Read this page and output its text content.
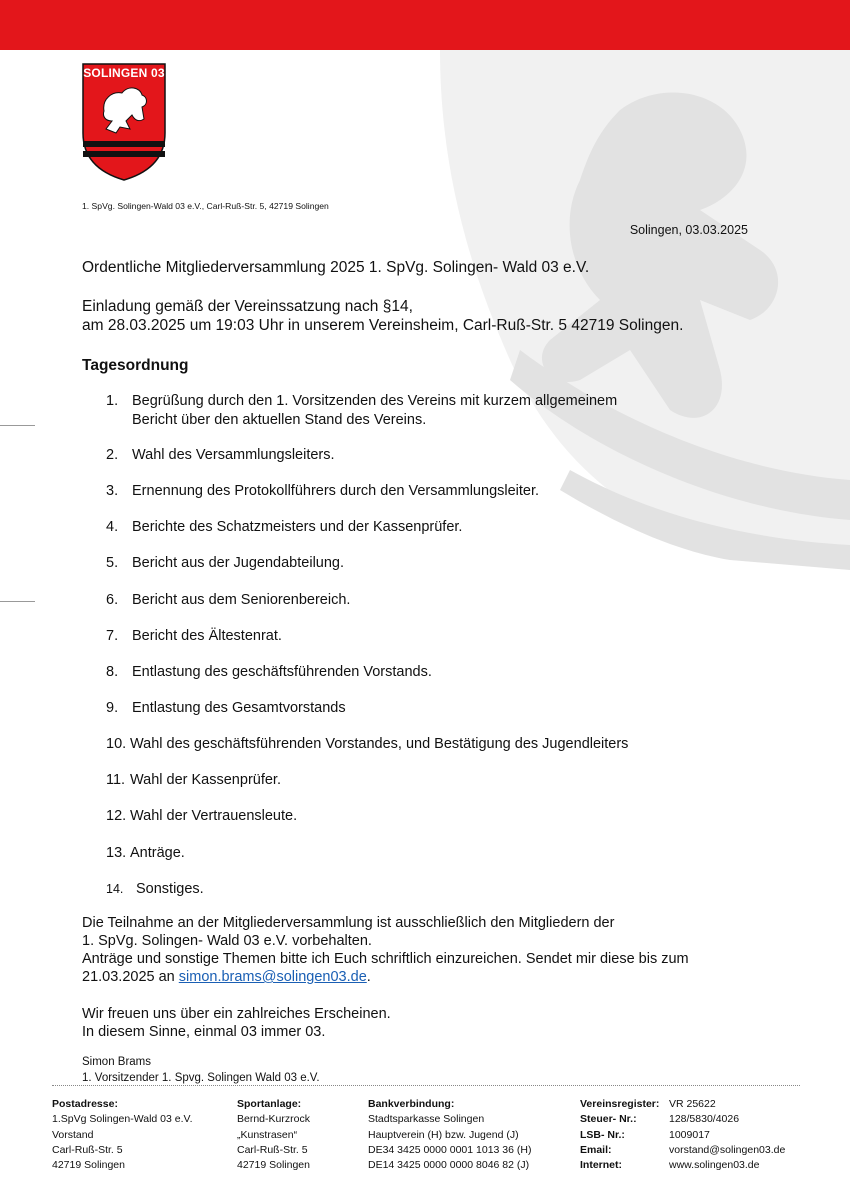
SOLINGEN 03
1. SpVg. Solingen-Wald 03 e.V., Carl-Ruß-Str. 5, 42719 Solingen
Solingen, 03.03.2025
Ordentliche Mitgliederversammlung 2025 1. SpVg. Solingen- Wald 03 e.V.
Einladung gemäß der Vereinssatzung nach §14,
am 28.03.2025 um 19:03 Uhr in unserem Vereinsheim, Carl-Ruß-Str. 5 42719 Solingen.
Tagesordnung
1. Begrüßung durch den 1. Vorsitzenden des Vereins mit kurzem allgemeinem
Bericht über den aktuellen Stand des Vereins.
2. Wahl des Versammlungsleiters.
3. Ernennung des Protokollführers durch den Versammlungsleiter.
4. Berichte des Schatzmeisters und der Kassenprüfer.
5. Bericht aus der Jugendabteilung.
6. Bericht aus dem Seniorenbereich.
7. Bericht des Ältestenrat.
8. Entlastung des geschäftsführenden Vorstands.
9. Entlastung des Gesamtvorstands
10. Wahl des geschäftsführenden Vorstandes, und Bestätigung des Jugendleiters
11. Wahl der Kassenprüfer.
12. Wahl der Vertrauensleute.
13. Anträge.
14. Sonstiges.
Die Teilnahme an der Mitgliederversammlung ist ausschließlich den Mitgliedern der
1. SpVg. Solingen- Wald 03 e.V. vorbehalten.
Anträge und sonstige Themen bitte ich Euch schriftlich einzureichen. Sendet mir diese bis zum
21.03.2025 an simon.brams@solingen03.de.
Wir freuen uns über ein zahlreiches Erscheinen.
In diesem Sinne, einmal 03 immer 03.
Simon Brams
1. Vorsitzender 1. Spvg. Solingen Wald 03 e.V.
Postadresse:
1.SpVg Solingen-Wald 03 e.V.
Vorstand
Carl-Ruß-Str. 5
42719 Solingen
Sportanlage:
Bernd-Kurzrock
„Kunstrasen“
Carl-Ruß-Str. 5
42719 Solingen
Bankverbindung:
Stadtsparkasse Solingen
Hauptverein (H) bzw. Jugend (J)
DE34 3425 0000 0001 1013 36 (H)
DE14 3425 0000 0000 8046 82 (J)
Vereinsregister:
Steuer- Nr.:
LSB- Nr.:
Email:
Internet:
VR 25622
128/5830/4026
1009017
vorstand@solingen03.de
www.solingen03.de
